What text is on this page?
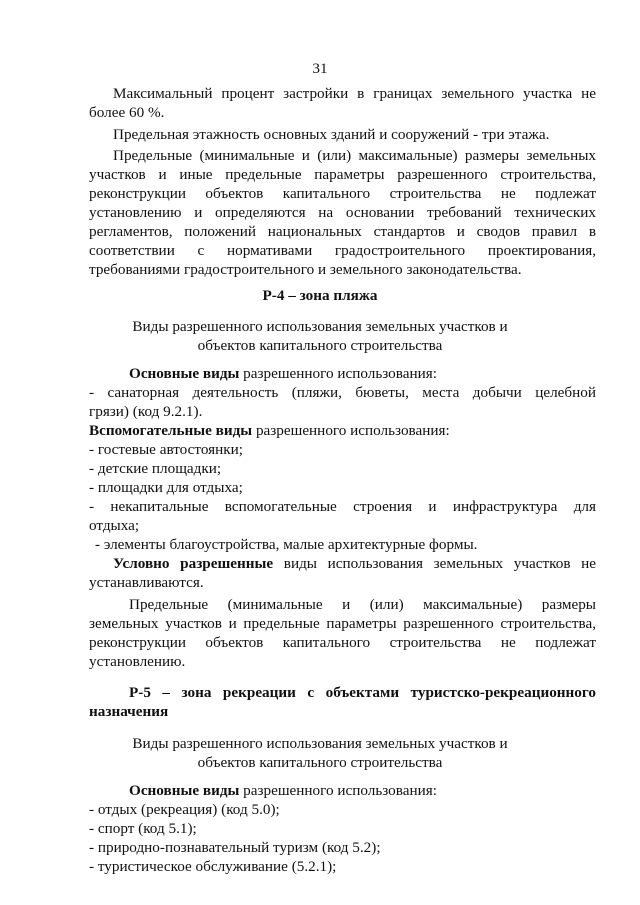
31
Максимальный процент застройки в границах земельного участка не
более 60 %.
Предельная этажность основных зданий и сооружений - три этажа.
Предельные (минимальные и (или) максимальные) размеры земельных
участков и иные предельные параметры разрешенного строительства,
реконструкции объектов капитального строительства не подлежат
установлению и определяются на основании требований технических
регламентов, положений национальных стандартов и сводов правил в
соответствии с нормативами градостроительного проектирования,
требованиями градостроительного и земельного законодательства.
Р-4 – зона пляжа
Виды разрешенного использования земельных участков и
объектов капитального строительства
Основные виды разрешенного использования:
- санаторная деятельность (пляжи, бюветы, места добычи целебной
грязи) (код 9.2.1).
Вспомогательные виды разрешенного использования:
- гостевые автостоянки;
- детские площадки;
- площадки для отдыха;
- некапитальные вспомогательные строения и инфраструктура для
отдыха;
- элементы благоустройства, малые архитектурные формы.
Условно разрешенные виды использования земельных участков не
устанавливаются.
Предельные (минимальные и (или) максимальные) размеры
земельных участков и предельные параметры разрешенного строительства,
реконструкции объектов капитального строительства не подлежат
установлению.
Р-5 – зона рекреации с объектами туристско-рекреационного
назначения
Виды разрешенного использования земельных участков и
объектов капитального строительства
Основные виды разрешенного использования:
- отдых (рекреация) (код 5.0);
- спорт (код 5.1);
- природно-познавательный туризм (код 5.2);
- туристическое обслуживание (5.2.1);
